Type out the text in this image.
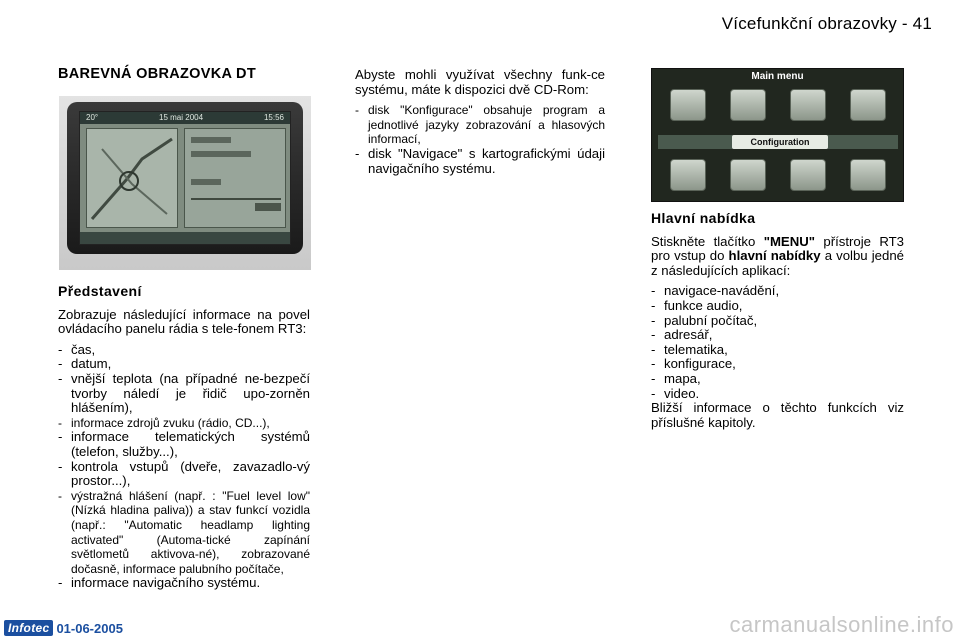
Vícefunkční obrazovky - 41
BAREVNÁ OBRAZOVKA DT
20°	15 mai 2004	15:56
Představení

Zobrazuje následující informace na povel ovládacího panelu rádia s tele-fonem RT3:

- čas,
- datum,
- vnější teplota (na případné ne-bezpečí tvorby náledí je řidič upo-zorněn hlášením),
- informace zdrojů zvuku (rádio, CD...),
- informace telematických systémů (telefon, služby...),
- kontrola vstupů (dveře, zavazadlo-vý prostor...),
- výstražná hlášení (např. : "Fuel level low" (Nízká hladina paliva)) a stav funkcí vozidla (např.: "Automatic headlamp lighting activated" (Automa-tické zapínání světlometů aktivova-né), zobrazované dočasně, informace palubního počítače,
- informace navigačního systému.

Abyste mohli využívat všechny funk-ce systému, máte k dispozici dvě CD-Rom:

- disk "Konfigurace" obsahuje program a jednotlivé jazyky zobrazování a hlasových informací,
- disk "Navigace" s kartografickými údaji navigačního systému.
Main menu
Configuration
Hlavní nabídka

Stiskněte tlačítko "MENU" přístroje RT3 pro vstup do hlavní nabídky a volbu jedné z následujících aplikací:

- navigace-navádění,
- funkce audio,
- palubní počítač,
- adresář,
- telematika,
- konfigurace,
- mapa,
- video.

Bližší informace o těchto funkcích viz příslušné kapitoly.

Infotec 01-06-2005	carmanualsonline.info
